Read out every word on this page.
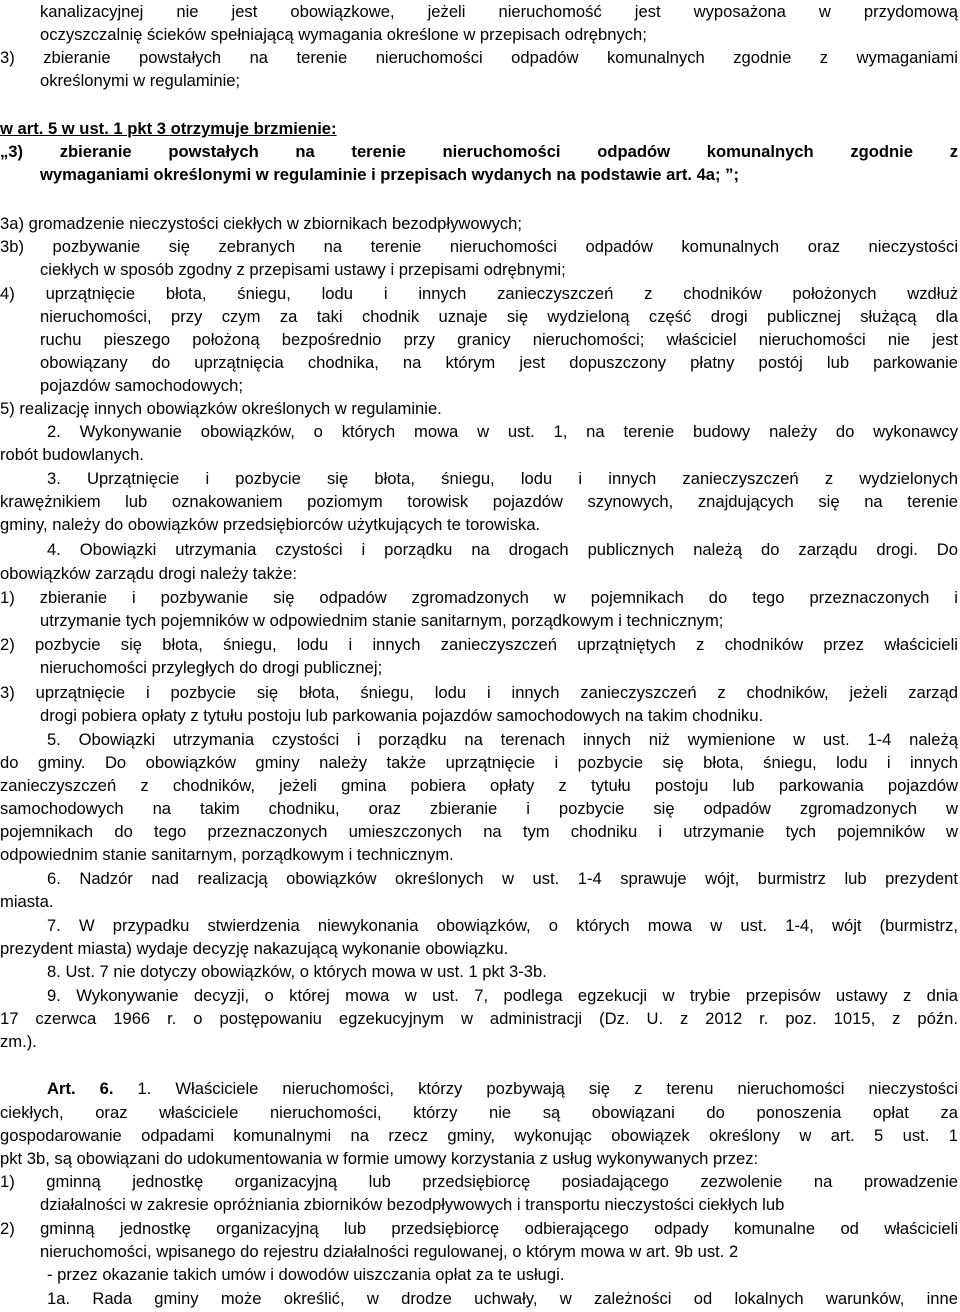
kanalizacyjnej nie jest obowiązkowe, jeżeli nieruchomość jest wyposażona w przydomową
oczyszczalnię ścieków spełniającą wymagania określone w przepisach odrębnych;
3) zbieranie powstałych na terenie nieruchomości odpadów komunalnych zgodnie z wymaganiami
określonymi w regulaminie;
w art. 5 w ust. 1 pkt 3 otrzymuje brzmienie:
„3) zbieranie powstałych na terenie nieruchomości odpadów komunalnych zgodnie z
wymaganiami określonymi w regulaminie i przepisach wydanych na podstawie art. 4a; ”;
3a) gromadzenie nieczystości ciekłych w zbiornikach bezodpływowych;
3b) pozbywanie się zebranych na terenie nieruchomości odpadów komunalnych oraz nieczystości
ciekłych w sposób zgodny z przepisami ustawy i przepisami odrębnymi;
4) uprzątnięcie błota, śniegu, lodu i innych zanieczyszczeń z chodników położonych wzdłuż
nieruchomości, przy czym za taki chodnik uznaje się wydzieloną część drogi publicznej służącą dla
ruchu pieszego położoną bezpośrednio przy granicy nieruchomości; właściciel nieruchomości nie jest
obowiązany do uprzątnięcia chodnika, na którym jest dopuszczony płatny postój lub parkowanie
pojazdów samochodowych;
5) realizację innych obowiązków określonych w regulaminie.
2. Wykonywanie obowiązków, o których mowa w ust. 1, na terenie budowy należy do wykonawcy
robót budowlanych.
3. Uprzątnięcie i pozbycie się błota, śniegu, lodu i innych zanieczyszczeń z wydzielonych
krawężnikiem lub oznakowaniem poziomym torowisk pojazdów szynowych, znajdujących się na terenie
gminy, należy do obowiązków przedsiębiorców użytkujących te torowiska.
4. Obowiązki utrzymania czystości i porządku na drogach publicznych należą do zarządu drogi. Do
obowiązków zarządu drogi należy także:
1) zbieranie i pozbywanie się odpadów zgromadzonych w pojemnikach do tego przeznaczonych i
utrzymanie tych pojemników w odpowiednim stanie sanitarnym, porządkowym i technicznym;
2) pozbycie się błota, śniegu, lodu i innych zanieczyszczeń uprzątniętych z chodników przez właścicieli
nieruchomości przyległych do drogi publicznej;
3) uprzątnięcie i pozbycie się błota, śniegu, lodu i innych zanieczyszczeń z chodników, jeżeli zarząd
drogi pobiera opłaty z tytułu postoju lub parkowania pojazdów samochodowych na takim chodniku.
5. Obowiązki utrzymania czystości i porządku na terenach innych niż wymienione w ust. 1-4 należą
do gminy. Do obowiązków gminy należy także uprzątnięcie i pozbycie się błota, śniegu, lodu i innych
zanieczyszczeń z chodników, jeżeli gmina pobiera opłaty z tytułu postoju lub parkowania pojazdów
samochodowych na takim chodniku, oraz zbieranie i pozbycie się odpadów zgromadzonych w
pojemnikach do tego przeznaczonych umieszczonych na tym chodniku i utrzymanie tych pojemników w
odpowiednim stanie sanitarnym, porządkowym i technicznym.
6. Nadzór nad realizacją obowiązków określonych w ust. 1-4 sprawuje wójt, burmistrz lub prezydent
miasta.
7. W przypadku stwierdzenia niewykonania obowiązków, o których mowa w ust. 1-4, wójt (burmistrz,
prezydent miasta) wydaje decyzję nakazującą wykonanie obowiązku.
8. Ust. 7 nie dotyczy obowiązków, o których mowa w ust. 1 pkt 3-3b.
9. Wykonywanie decyzji, o której mowa w ust. 7, podlega egzekucji w trybie przepisów ustawy z dnia
17 czerwca 1966 r. o postępowaniu egzekucyjnym w administracji (Dz. U. z 2012 r. poz. 1015, z późn.
zm.).
Art. 6. 1. Właściciele nieruchomości, którzy pozbywają się z terenu nieruchomości nieczystości
ciekłych, oraz właściciele nieruchomości, którzy nie są obowiązani do ponoszenia opłat za
gospodarowanie odpadami komunalnymi na rzecz gminy, wykonując obowiązek określony w art. 5 ust. 1
pkt 3b, są obowiązani do udokumentowania w formie umowy korzystania z usług wykonywanych przez:
1) gminną jednostkę organizacyjną lub przedsiębiorcę posiadającego zezwolenie na prowadzenie
działalności w zakresie opróżniania zbiorników bezodpływowych i transportu nieczystości ciekłych lub
2) gminną jednostkę organizacyjną lub przedsiębiorcę odbierającego odpady komunalne od właścicieli
nieruchomości, wpisanego do rejestru działalności regulowanej, o którym mowa w art. 9b ust. 2
- przez okazanie takich umów i dowodów uiszczania opłat za te usługi.
1a. Rada gminy może określić, w drodze uchwały, w zależności od lokalnych warunków, inne
